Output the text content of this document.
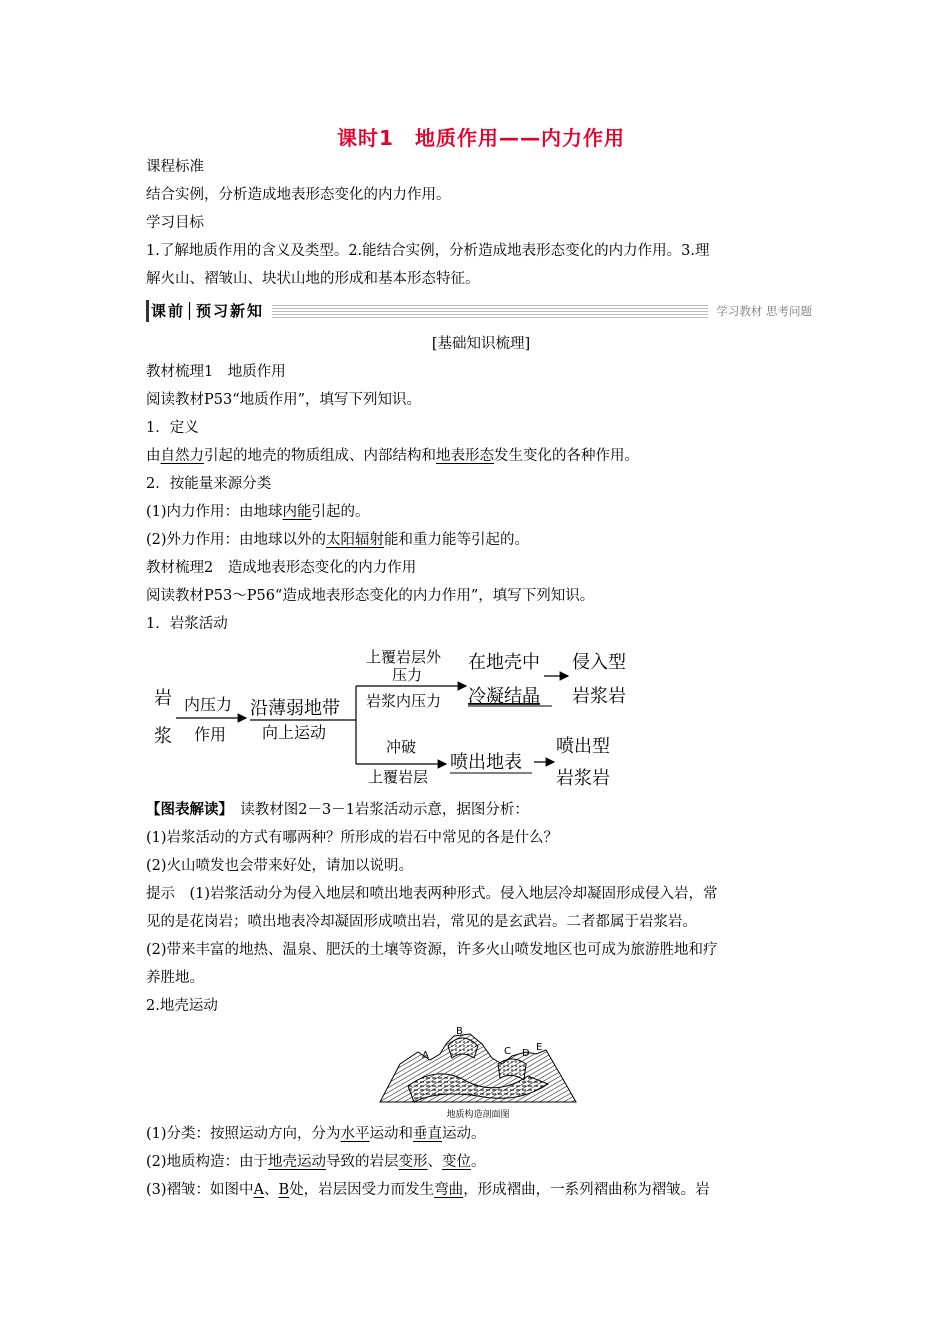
课时1　地质作用——内力作用
课程标准
结合实例，分析造成地表形态变化的内力作用。
学习目标
1.了解地质作用的含义及类型。2.能结合实例，分析造成地表形态变化的内力作用。3.理
解火山、褶皱山、块状山地的形成和基本形态特征。
课前│预习新知	学习教材 思考问题
[基础知识梳理]
教材梳理1　地质作用
阅读教材P53“地质作用”，填写下列知识。
1．定义
由自然力引起的地壳的物质组成、内部结构和地表形态发生变化的各种作用。
2．按能量来源分类
(1)内力作用：由地球内能引起的。
(2)外力作用：由地球以外的太阳辐射能和重力能等引起的。
教材梳理2　造成地表形态变化的内力作用
阅读教材P53～P56“造成地表形态变化的内力作用”，填写下列知识。
1．岩浆活动
岩
浆
内压力
作用
沿薄弱地带
向上运动
上覆岩层外
压力
岩浆内压力
在地壳中
冷凝结晶
侵入型
岩浆岩
冲破
上覆岩层
喷出地表
喷出型
岩浆岩
【图表解读】　读教材图2－3－1岩浆活动示意，据图分析：
(1)岩浆活动的方式有哪两种？所形成的岩石中常见的各是什么？
(2)火山喷发也会带来好处，请加以说明。
提示　(1)岩浆活动分为侵入地层和喷出地表两种形式。侵入地层冷却凝固形成侵入岩，常
见的是花岗岩；喷出地表冷却凝固形成喷出岩，常见的是玄武岩。二者都属于岩浆岩。
(2)带来丰富的地热、温泉、肥沃的土壤等资源，许多火山喷发地区也可成为旅游胜地和疗
养胜地。
2.地壳运动
B
A	C D
E
地质构造剖面图
(1)分类：按照运动方向，分为水平运动和垂直运动。
(2)地质构造：由于地壳运动导致的岩层变形、变位。
(3)褶皱：如图中A、B处，岩层因受力而发生弯曲，形成褶曲，一系列褶曲称为褶皱。岩
